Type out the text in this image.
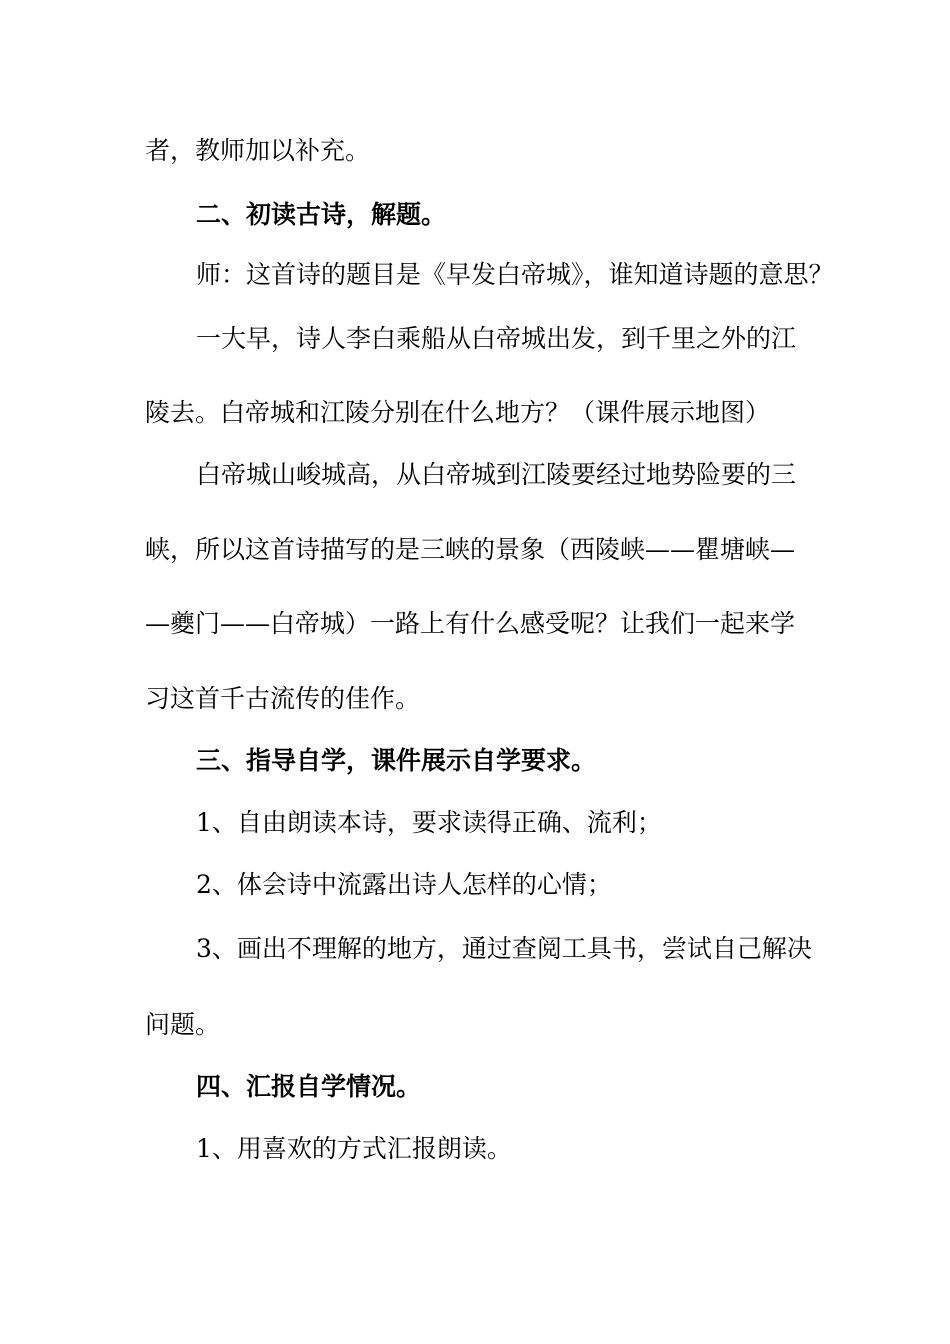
者，教师加以补充。
二、初读古诗，解题。
师：这首诗的题目是《早发白帝城》，谁知道诗题的意思？
一大早，诗人李白乘船从白帝城出发，到千里之外的江
陵去。白帝城和江陵分别在什么地方？（课件展示地图）
白帝城山峻城高，从白帝城到江陵要经过地势险要的三
峡，所以这首诗描写的是三峡的景象（西陵峡——瞿塘峡—
—夔门——白帝城）一路上有什么感受呢？让我们一起来学
习这首千古流传的佳作。
三、指导自学，课件展示自学要求。
1、自由朗读本诗，要求读得正确、流利；
2、体会诗中流露出诗人怎样的心情；
3、画出不理解的地方，通过查阅工具书，尝试自己解决
问题。
四、汇报自学情况。
1、用喜欢的方式汇报朗读。
